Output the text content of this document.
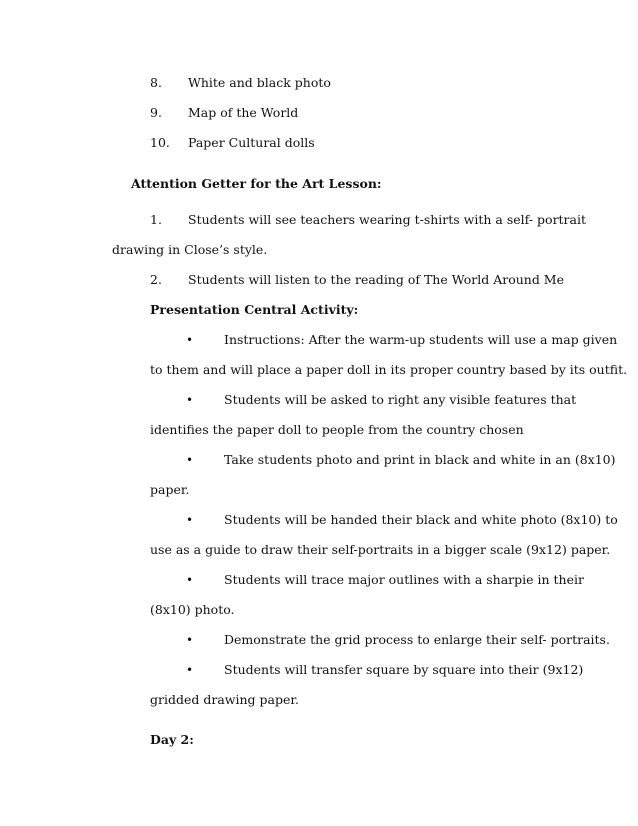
8. White and black photo
9. Map of the World
10. Paper Cultural dolls
Attention Getter for the Art Lesson:
1. Students will see teachers wearing t-shirts with a self- portrait
drawing in Close’s style.
2. Students will listen to the reading of The World Around Me
Presentation Central Activity:
• Instructions: After the warm-up students will use a map given
to them and will place a paper doll in its proper country based by its outfit.
• Students will be asked to right any visible features that
identifies the paper doll to people from the country chosen
• Take students photo and print in black and white in an (8x10)
paper.
• Students will be handed their black and white photo (8x10) to
use as a guide to draw their self-portraits in a bigger scale (9x12) paper.
• Students will trace major outlines with a sharpie in their
(8x10) photo.
• Demonstrate the grid process to enlarge their self- portraits.
• Students will transfer square by square into their (9x12)
gridded drawing paper.
Day 2:
